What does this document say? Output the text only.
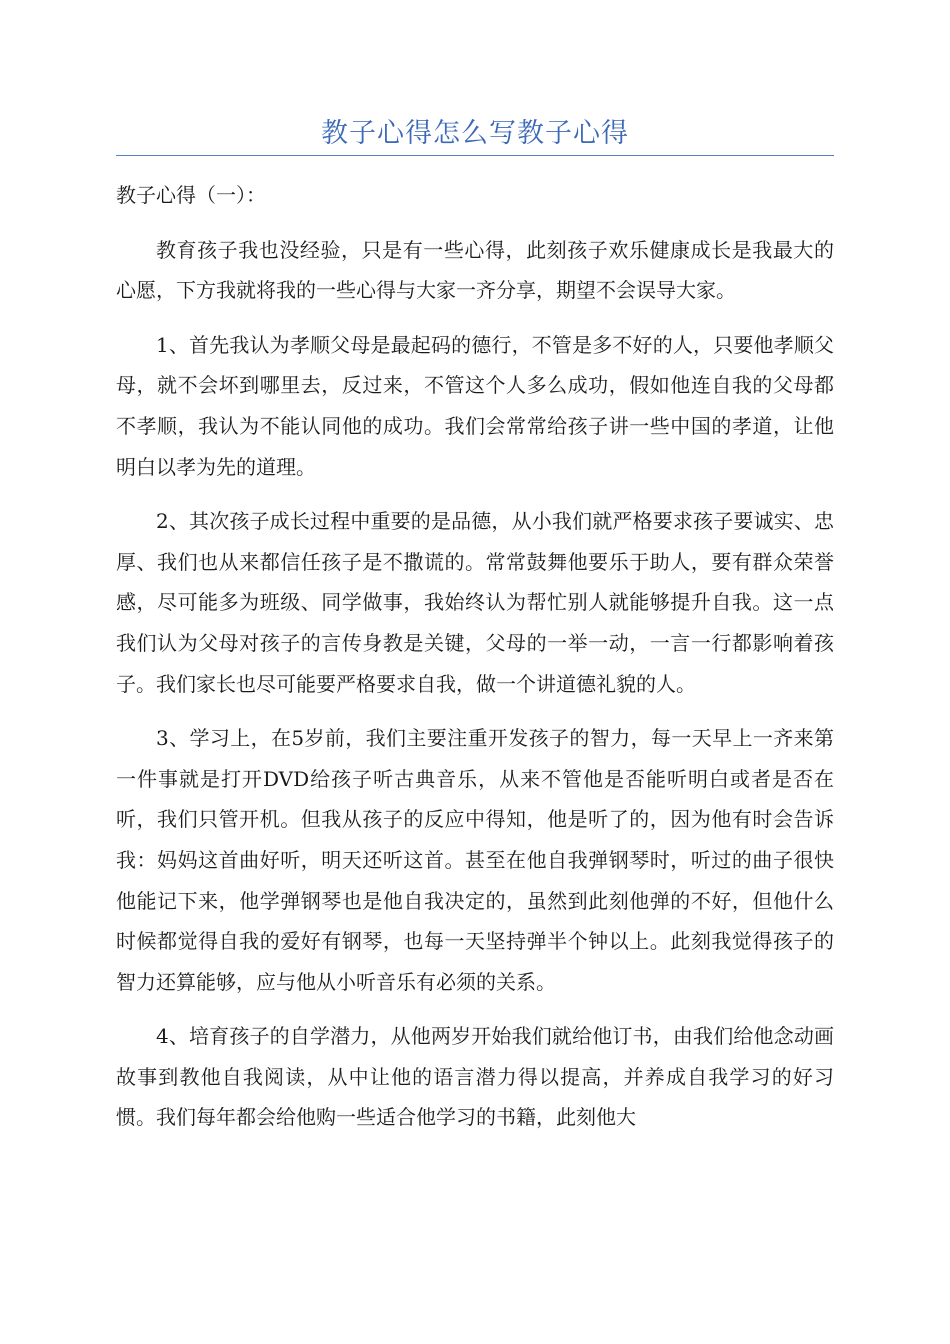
教子心得怎么写教子心得

教子心得（一）：

教育孩子我也没经验，只是有一些心得，此刻孩子欢乐健康成长是我最大的心愿，下方我就将我的一些心得与大家一齐分享，期望不会误导大家。

1、首先我认为孝顺父母是最起码的德行，不管是多不好的人，只要他孝顺父母，就不会坏到哪里去，反过来，不管这个人多么成功，假如他连自我的父母都不孝顺，我认为不能认同他的成功。我们会常常给孩子讲一些中国的孝道，让他明白以孝为先的道理。

2、其次孩子成长过程中重要的是品德，从小我们就严格要求孩子要诚实、忠厚、我们也从来都信任孩子是不撒谎的。常常鼓舞他要乐于助人，要有群众荣誉感，尽可能多为班级、同学做事，我始终认为帮忙别人就能够提升自我。这一点我们认为父母对孩子的言传身教是关键，父母的一举一动，一言一行都影响着孩子。我们家长也尽可能要严格要求自我，做一个讲道德礼貌的人。

3、学习上，在5岁前，我们主要注重开发孩子的智力，每一天早上一齐来第一件事就是打开DVD给孩子听古典音乐，从来不管他是否能听明白或者是否在听，我们只管开机。但我从孩子的反应中得知，他是听了的，因为他有时会告诉我：妈妈这首曲好听，明天还听这首。甚至在他自我弹钢琴时，听过的曲子很快他能记下来，他学弹钢琴也是他自我决定的，虽然到此刻他弹的不好，但他什么时候都觉得自我的爱好有钢琴，也每一天坚持弹半个钟以上。此刻我觉得孩子的智力还算能够，应与他从小听音乐有必须的关系。

4、培育孩子的自学潜力，从他两岁开始我们就给他订书，由我们给他念动画故事到教他自我阅读，从中让他的语言潜力得以提高，并养成自我学习的好习惯。我们每年都会给他购一些适合他学习的书籍，此刻他大
